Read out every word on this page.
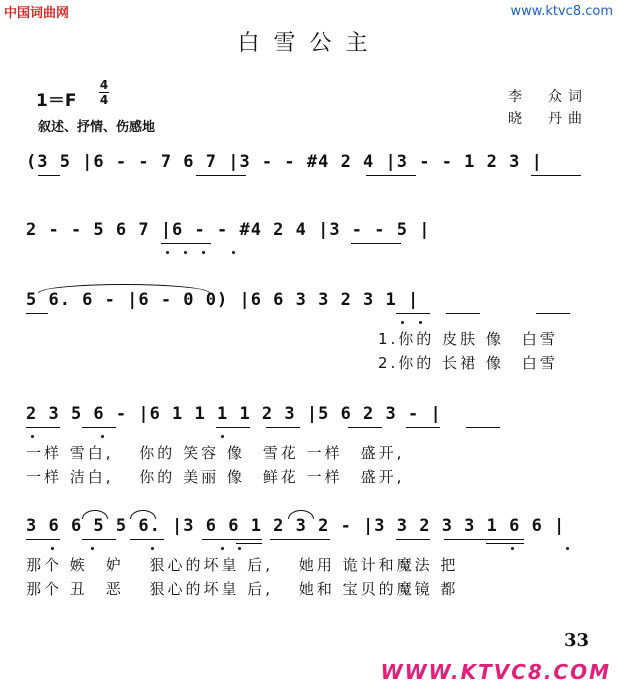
中国词曲网	www.ktvc8.com
白雪公主
1＝F
4
4
叙述、抒情、伤感地
李　众词
晓　丹曲
(3 5 |6 - - 7 6 7 |3 - - #4 2 4 |3 - - 1 2 3 |
2 - - 5 6 7 |6 - - #4 2 4 |3 - - 5 |
5 6. 6 - |6 - 0 0) |6 6 3 3 2 3 1 |
1.你的 皮肤 像　白雪
2.你的 长裙 像　白雪
2 3 5 6 - |6 1 1 1 1 2 3 |5 6 2 3 - |
一样 雪白,　 你的 笑容 像　雪花 一样　盛开,
一样 洁白,　 你的 美丽 像　鲜花 一样　盛开,
3 6 6 5 5 6. |3 6 6 1 2 3 2 - |3 3 2 3 3 1 6 6 |
那个 嫉　妒　 狠心的坏皇 后,　 她用 诡计和魔法 把
那个 丑　恶　 狠心的坏皇 后,　 她和 宝贝的魔镜 都
33
WWW.KTVC8.COM
